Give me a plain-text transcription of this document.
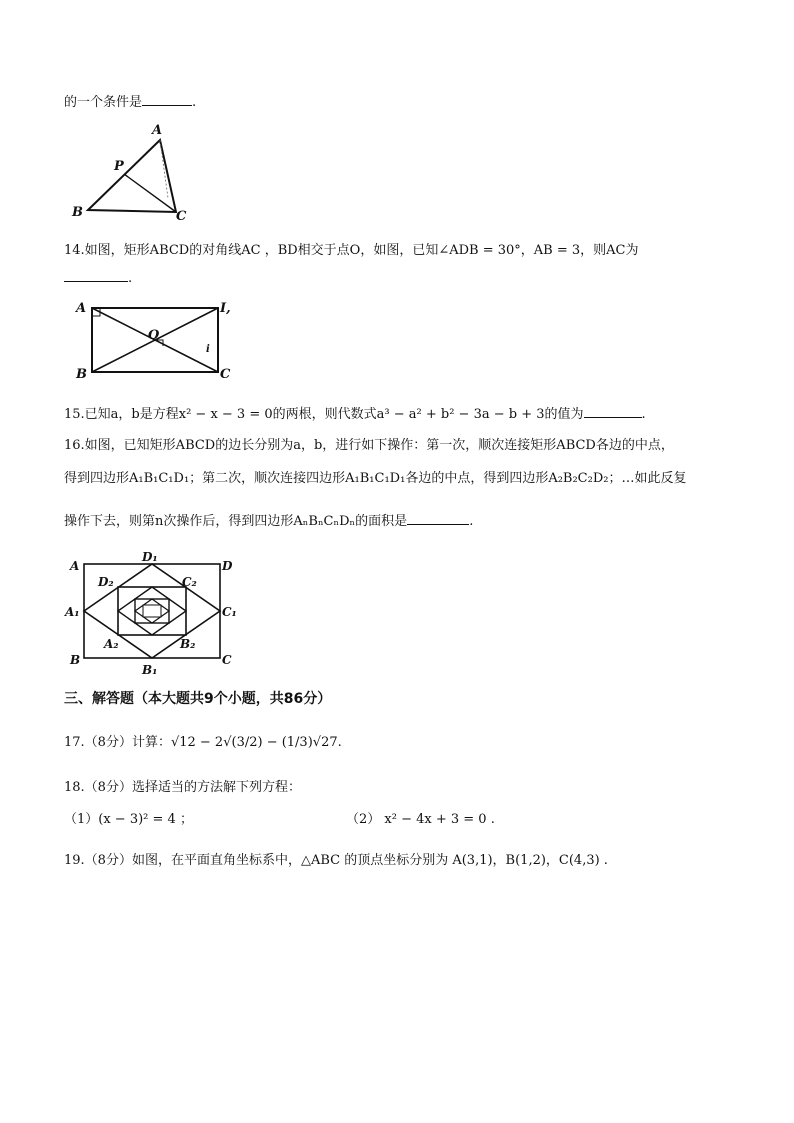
的一个条件是	.
A
B	C
P
14.如图，矩形ABCD的对角线AC ，BD相交于点O，如图，已知∠ADB = 30°，AB = 3，则AC为
.
A	I,
B	C
O
i
15.已知a，b是方程x² − x − 3 = 0的两根，则代数式a³ − a² + b² − 3a − b + 3的值为	.
16.如图，已知矩形ABCD的边长分别为a，b，进行如下操作：第一次，顺次连接矩形ABCD各边的中点，
得到四边形A₁B₁C₁D₁；第二次，顺次连接四边形A₁B₁C₁D₁各边的中点，得到四边形A₂B₂C₂D₂；…如此反复
操作下去，则第n次操作后，得到四边形AₙBₙCₙDₙ的面积是	.
A	D
B	C
D₁
B₁
A₁	C₁
D₂	C₂
A₂	B₂
三、解答题（本大题共9个小题，共86分）
17.（8分）计算：√12 − 2√(3/2) − (1/3)√27.
18.（8分）选择适当的方法解下列方程：
（1）(x − 3)² = 4 ；	（2） x² − 4x + 3 = 0 .
19.（8分）如图，在平面直角坐标系中，△ABC 的顶点坐标分别为 A(3,1)，B(1,2)，C(4,3) .
